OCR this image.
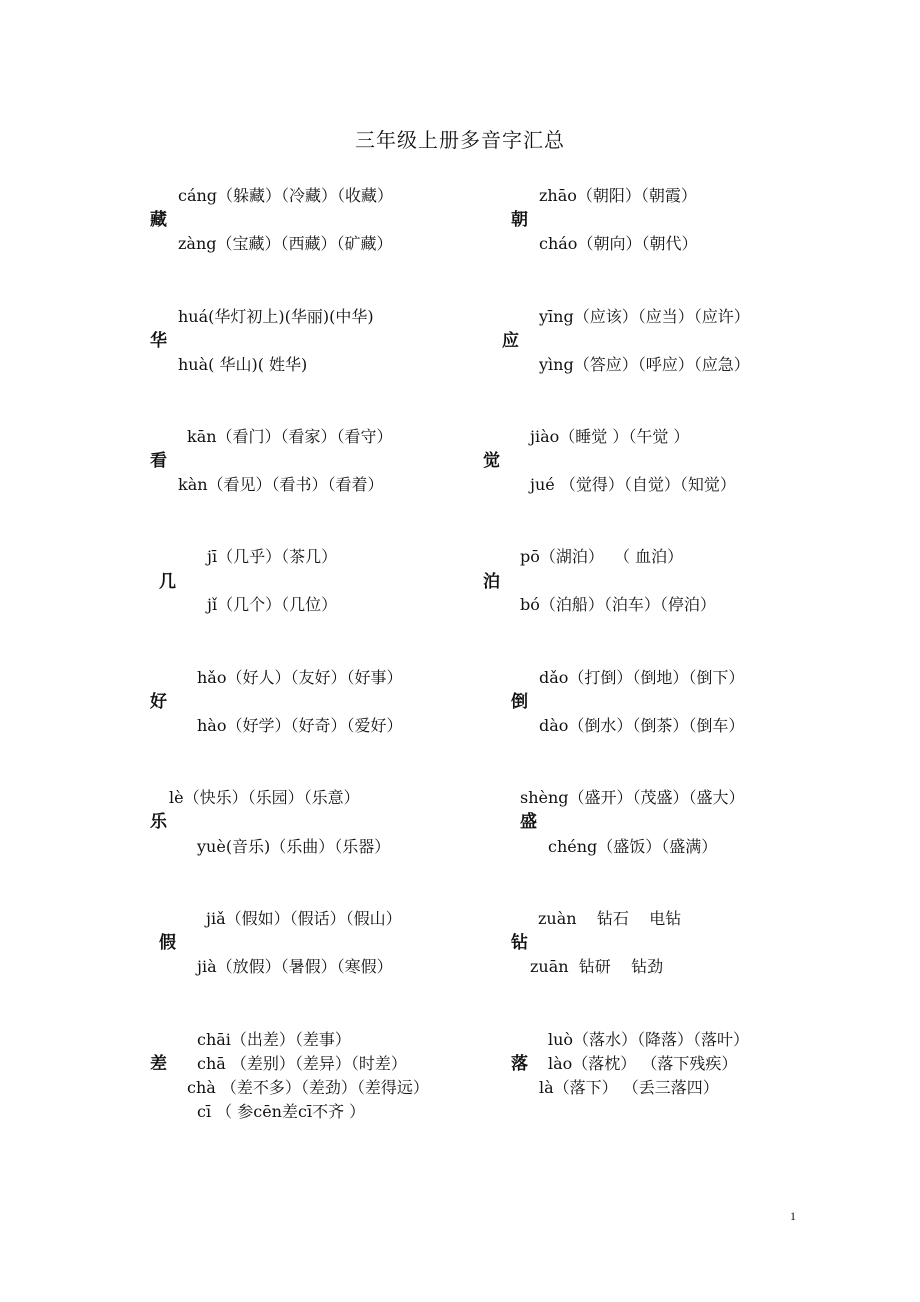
三年级上册多音字汇总
cáng（躲藏）（冷藏）（收藏）
藏
zàng（宝藏）（西藏）（矿藏）
huá(华灯初上)(华丽)(中华)
华
huà( 华山)( 姓华)
kān（看门）（看家）（看守）
看
kàn（看见）（看书）（看着）
jī（几乎）（茶几）
几
jǐ（几个）（几位）
hǎo（好人）（友好）（好事）
好
hào（好学）（好奇）（爱好）
lè（快乐）（乐园）（乐意）
乐
yuè(音乐)（乐曲）（乐器）
jiǎ（假如）（假话）（假山）
假
jià（放假）（暑假）（寒假）
zhāo（朝阳）（朝霞）
朝
cháo（朝向）（朝代）
yīng（应该）（应当）（应许）
应
yìng（答应）（呼应）（应急）
jiào（睡觉 ）（午觉 ）
觉
jué （觉得）（自觉）（知觉）
pō（湖泊）  （ 血泊）
泊
bó（泊船）（泊车）（停泊）
dǎo（打倒）（倒地）（倒下）
倒
dào（倒水）（倒茶）（倒车）
shèng（盛开）（茂盛）（盛大）
盛
chéng（盛饭）（盛满）
zuàn    钻石    电钻
钻
zuān  钻研    钻劲
chāi（出差）（差事）
差 chā （差别）（差异）（时差）
chà （差不多）（差劲）（差得远）
cī （ 参cēn差cī不齐 ）
luò（落水）（降落）（落叶）
落 lào（落枕） （落下残疾）
là（落下） （丢三落四）
1
